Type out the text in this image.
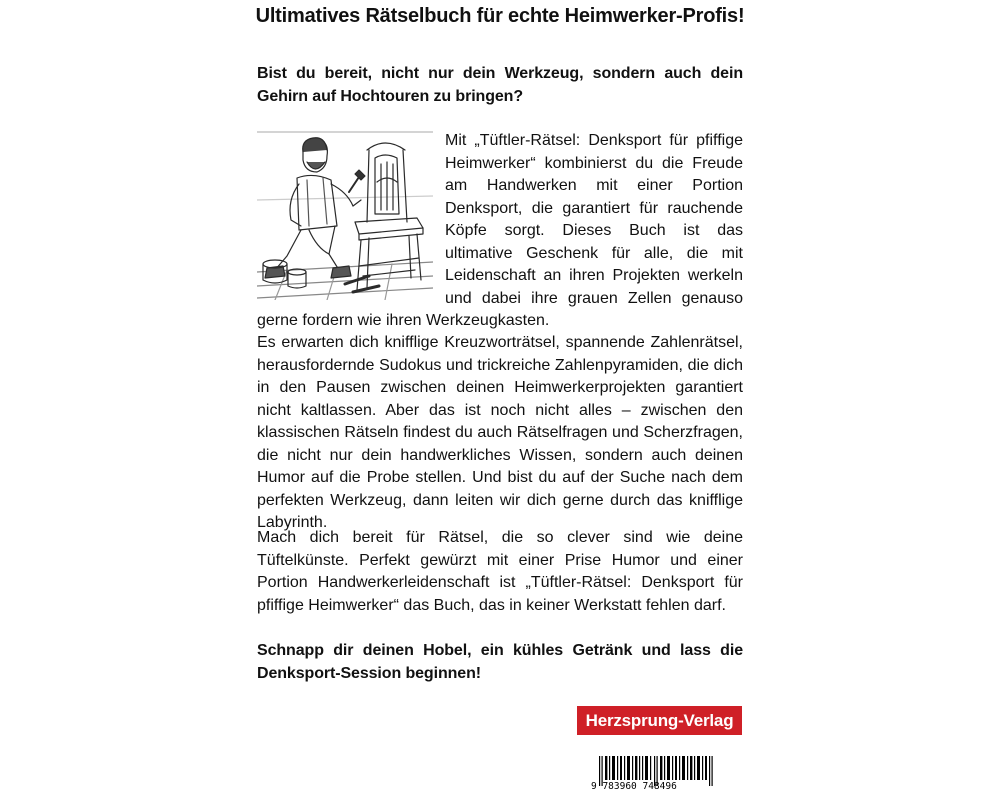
Ultimatives Rätselbuch für echte Heimwerker-Profis!

Bist du bereit, nicht nur dein Werkzeug, sondern auch dein Gehirn auf Hochtouren zu bringen?

Mit „Tüftler-Rätsel: Denksport für pfiffige Heimwerker“ kombinierst du die Freude am Handwerken mit einer Portion Denksport, die garantiert für rauchende Köpfe sorgt. Dieses Buch ist das ultimative Geschenk für alle, die mit Leidenschaft an ihren Projekten werkeln und dabei ihre grauen Zellen genauso gerne fordern wie ihren Werkzeugkasten.

Es erwarten dich knifflige Kreuzworträtsel, spannende Zahlenrätsel, herausfordernde Sudokus und trickreiche Zahlenpyramiden, die dich in den Pausen zwischen deinen Heimwerkerprojekten garantiert nicht kaltlassen. Aber das ist noch nicht alles – zwischen den klassischen Rätseln findest du auch Rätselfragen und Scherzfragen, die nicht nur dein handwerkliches Wissen, sondern auch deinen Humor auf die Probe stellen. Und bist du auf der Suche nach dem perfekten Werkzeug, dann leiten wir dich gerne durch das knifflige Labyrinth.

Mach dich bereit für Rätsel, die so clever sind wie deine Tüftelkünste. Perfekt gewürzt mit einer Prise Humor und einer Portion Handwerkerleidenschaft ist „Tüftler-Rätsel: Denksport für pfiffige Heimwerker“ das Buch, das in keiner Werkstatt fehlen darf.

Schnapp dir deinen Hobel, ein kühles Getränk und lass die Denksport-Session beginnen!

Herzsprung-Verlag
9 783960 748496
